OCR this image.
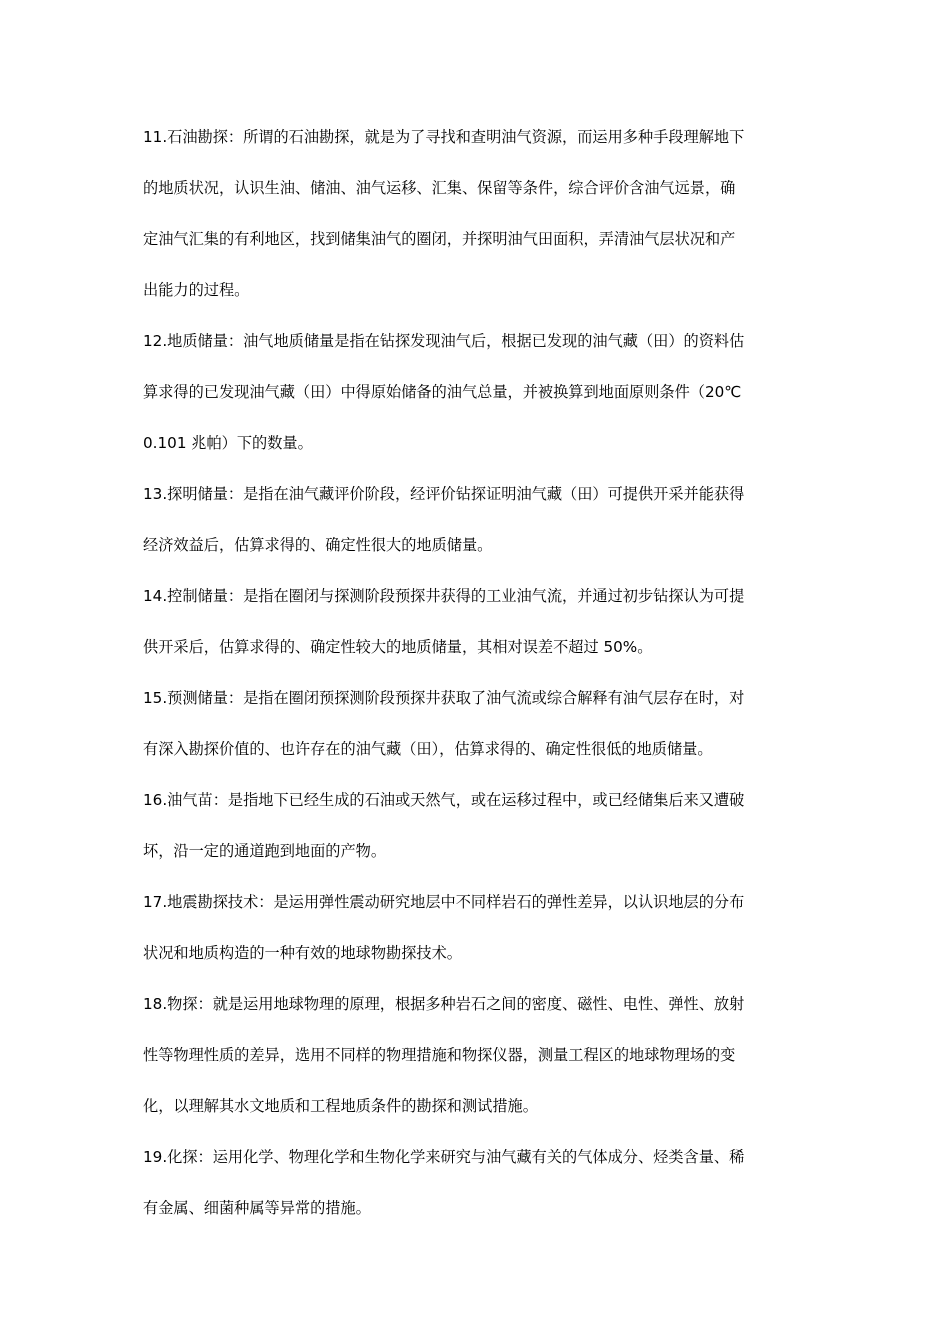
11.石油勘探：所谓的石油勘探，就是为了寻找和查明油气资源，而运用多种手段理解地下
的地质状况，认识生油、储油、油气运移、汇集、保留等条件，综合评价含油气远景，确
定油气汇集的有利地区，找到储集油气的圈闭，并探明油气田面积，弄清油气层状况和产
出能力的过程。
12.地质储量：油气地质储量是指在钻探发现油气后，根据已发现的油气藏（田）的资料估
算求得的已发现油气藏（田）中得原始储备的油气总量，并被换算到地面原则条件（20℃
0.101 兆帕）下的数量。
13.探明储量：是指在油气藏评价阶段，经评价钻探证明油气藏（田）可提供开采并能获得
经济效益后，估算求得的、确定性很大的地质储量。
14.控制储量：是指在圈闭与探测阶段预探井获得的工业油气流，并通过初步钻探认为可提
供开采后，估算求得的、确定性较大的地质储量，其相对误差不超过 50%。
15.预测储量：是指在圈闭预探测阶段预探井获取了油气流或综合解释有油气层存在时，对
有深入勘探价值的、也许存在的油气藏（田），估算求得的、确定性很低的地质储量。
16.油气苗：是指地下已经生成的石油或天然气，或在运移过程中，或已经储集后来又遭破
坏，沿一定的通道跑到地面的产物。
17.地震勘探技术：是运用弹性震动研究地层中不同样岩石的弹性差异，以认识地层的分布
状况和地质构造的一种有效的地球物勘探技术。
18.物探：就是运用地球物理的原理，根据多种岩石之间的密度、磁性、电性、弹性、放射
性等物理性质的差异，选用不同样的物理措施和物探仪器，测量工程区的地球物理场的变
化，以理解其水文地质和工程地质条件的勘探和测试措施。
19.化探：运用化学、物理化学和生物化学来研究与油气藏有关的气体成分、烃类含量、稀
有金属、细菌种属等异常的措施。
